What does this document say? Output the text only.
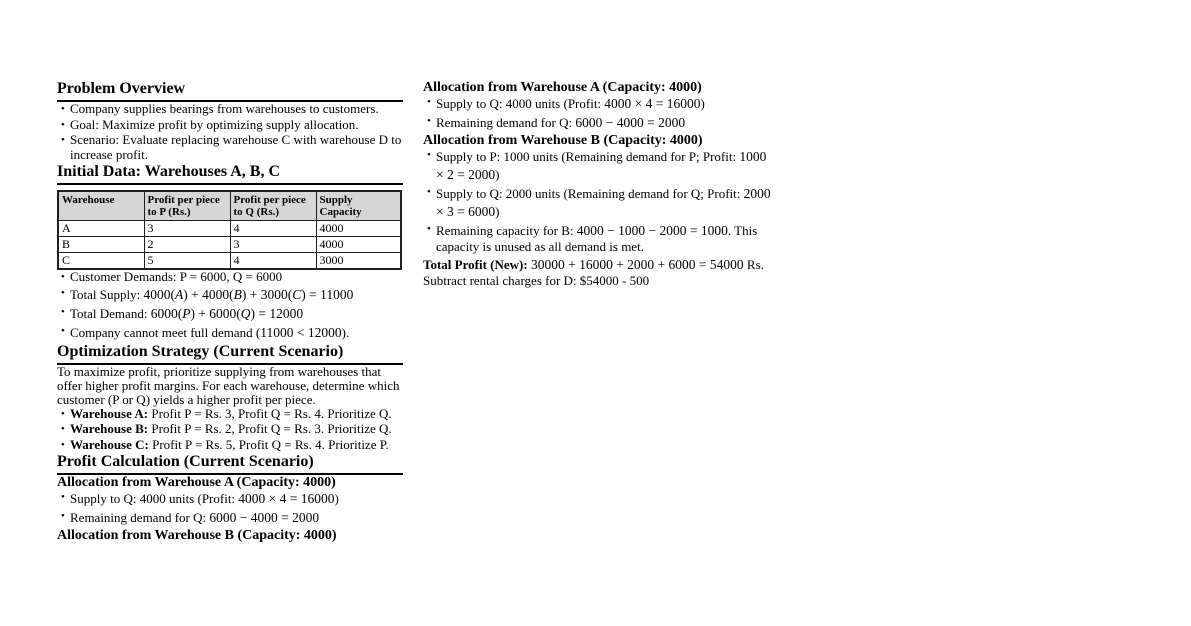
Problem Overview
• Company supplies bearings from warehouses to customers.
• Goal: Maximize profit by optimizing supply allocation.
• Scenario: Evaluate replacing warehouse C with warehouse D to increase profit.
Initial Data: Warehouses A, B, C
Warehouse	Profit per piece to P (Rs.)	Profit per piece to Q (Rs.)	Supply Capacity
A	3	4	4000
B	2	3	4000
C	5	4	3000
• Customer Demands: P = 6000, Q = 6000
• Total Supply: 4000(A) + 4000(B) + 3000(C) = 11000
• Total Demand: 6000(P) + 6000(Q) = 12000
• Company cannot meet full demand (11000 < 12000).
Optimization Strategy (Current Scenario)

To maximize profit, prioritize supplying from warehouses that offer higher profit margins. For each warehouse, determine which customer (P or Q) yields a higher profit per piece.

• Warehouse A: Profit P = Rs. 3, Profit Q = Rs. 4. Prioritize Q.
• Warehouse B: Profit P = Rs. 2, Profit Q = Rs. 3. Prioritize Q.
• Warehouse C: Profit P = Rs. 5, Profit Q = Rs. 4. Prioritize P.
Profit Calculation (Current Scenario)
Allocation from Warehouse A (Capacity: 4000)
• Supply to Q: 4000 units (Profit: 4000 × 4 = 16000)
• Remaining demand for Q: 6000 − 4000 = 2000
Allocation from Warehouse B (Capacity: 4000)
Allocation from Warehouse A (Capacity: 4000)
• Supply to Q: 4000 units (Profit: 4000 × 4 = 16000)
• Remaining demand for Q: 6000 − 4000 = 2000
Allocation from Warehouse B (Capacity: 4000)
• Supply to P: 1000 units (Remaining demand for P; Profit: 1000 × 2 = 2000)
• Supply to Q: 2000 units (Remaining demand for Q; Profit: 2000 × 3 = 6000)
• Remaining capacity for B: 4000 − 1000 − 2000 = 1000. This capacity is unused as all demand is met.

Total Profit (New): 30000 + 16000 + 2000 + 6000 = 54000 Rs.

Subtract rental charges for D: $54000 - 500
